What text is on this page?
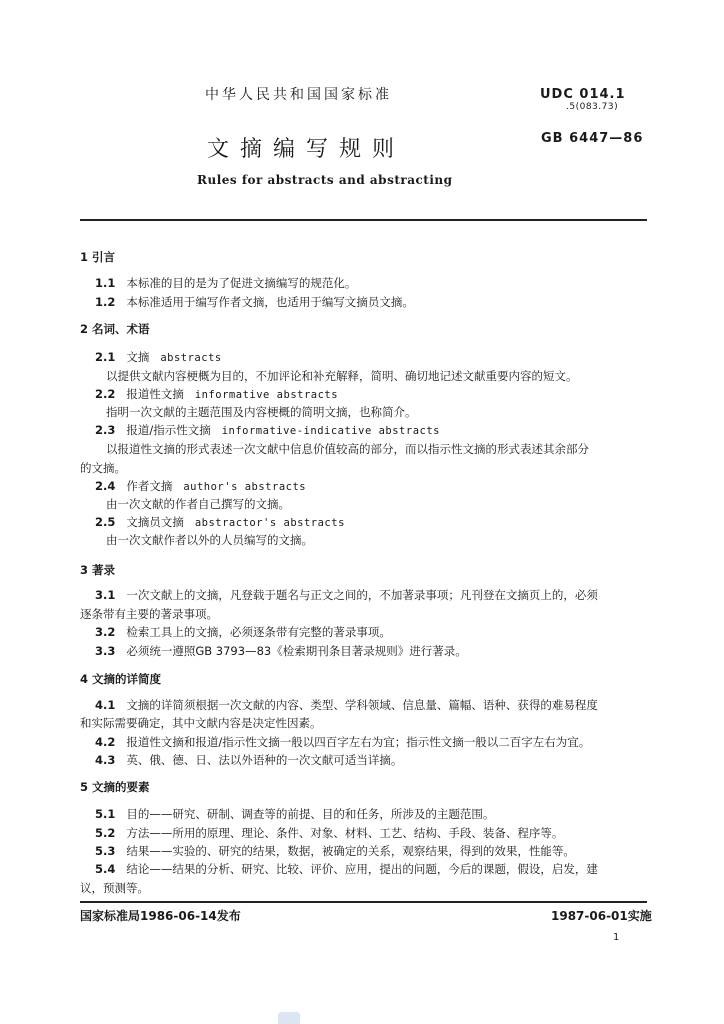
中华人民共和国国家标准	UDC 014.1
.5(083.73)
GB 6447—86
文摘编写规则
Rules for abstracts and abstracting
1 引言
1.1 本标准的目的是为了促进文摘编写的规范化。
1.2 本标准适用于编写作者文摘，也适用于编写文摘员文摘。
2 名词、术语
2.1 文摘 abstracts
以提供文献内容梗概为目的，不加评论和补充解释，简明、确切地记述文献重要内容的短文。
2.2 报道性文摘 informative abstracts
指明一次文献的主题范围及内容梗概的简明文摘，也称简介。
2.3 报道/指示性文摘 informative-indicative abstracts
以报道性文摘的形式表述一次文献中信息价值较高的部分，而以指示性文摘的形式表述其余部分
的文摘。
2.4 作者文摘 author's abstracts
由一次文献的作者自己撰写的文摘。
2.5 文摘员文摘 abstractor's abstracts
由一次文献作者以外的人员编写的文摘。
3 著录
3.1 一次文献上的文摘，凡登载于题名与正文之间的，不加著录事项；凡刊登在文摘页上的，必须
逐条带有主要的著录事项。
3.2 检索工具上的文摘，必须逐条带有完整的著录事项。
3.3 必须统一遵照GB 3793—83《检索期刊条目著录规则》进行著录。
4 文摘的详简度
4.1 文摘的详简须根据一次文献的内容、类型、学科领域、信息量、篇幅、语种、获得的难易程度
和实际需要确定，其中文献内容是决定性因素。
4.2 报道性文摘和报道/指示性文摘一般以四百字左右为宜；指示性文摘一般以二百字左右为宜。
4.3 英、俄、德、日、法以外语种的一次文献可适当详摘。
5 文摘的要素
5.1 目的——研究、研制、调查等的前提、目的和任务，所涉及的主题范围。
5.2 方法——所用的原理、理论、条件、对象、材料、工艺、结构、手段、装备、程序等。
5.3 结果——实验的、研究的结果，数据，被确定的关系，观察结果，得到的效果，性能等。
5.4 结论——结果的分析、研究、比较、评价、应用，提出的问题，今后的课题，假设，启发，建
议，预测等。
国家标准局1986-06-14发布	1987-06-01实施
1
